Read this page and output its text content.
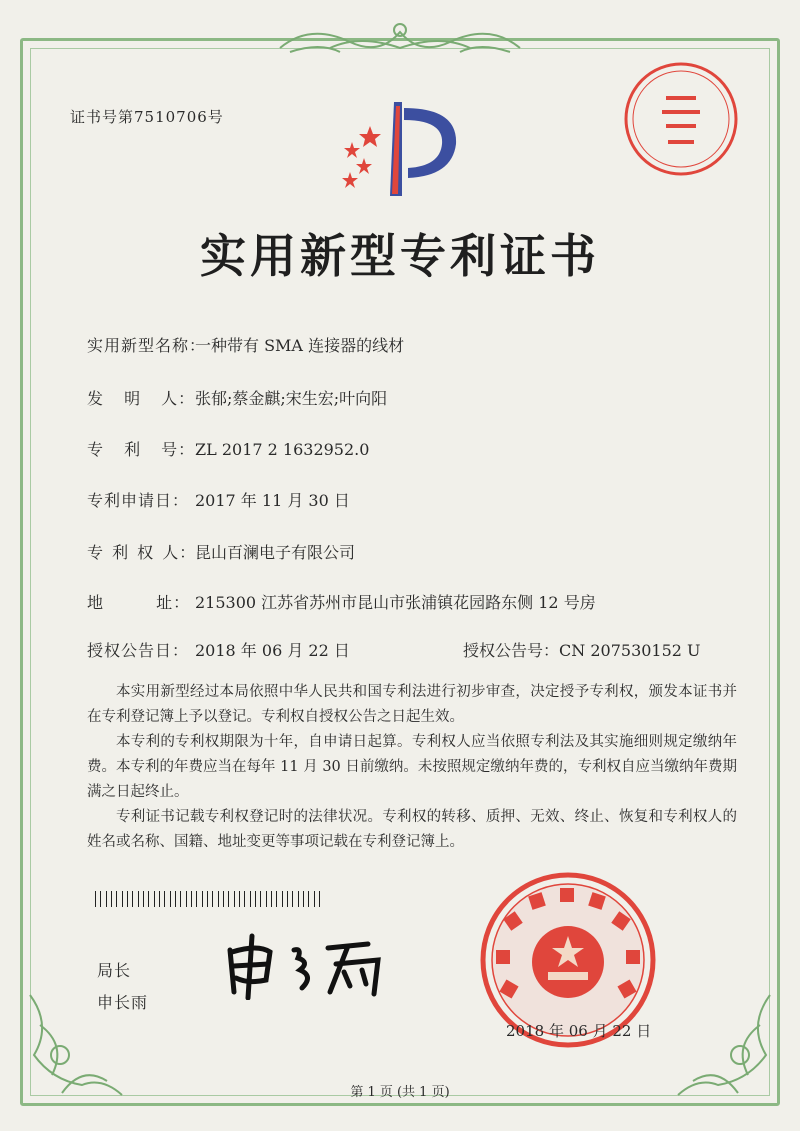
证书号第7510706号
实用新型专利证书
实用新型名称：一种带有 SMA 连接器的线材
发 明 人：张郁;蔡金麒;宋生宏;叶向阳
专 利 号：ZL 2017 2 1632952.0
专利申请日： 2017 年 11 月 30 日
专 利 权 人：昆山百澜电子有限公司
地 址： 215300 江苏省苏州市昆山市张浦镇花园路东侧 12 号房
授权公告日： 2018 年 06 月 22 日	授权公告号：CN 207530152 U

本实用新型经过本局依照中华人民共和国专利法进行初步审查，决定授予专利权，颁发本证书并在专利登记簿上予以登记。专利权自授权公告之日起生效。

本专利的专利权期限为十年，自申请日起算。专利权人应当依照专利法及其实施细则规定缴纳年费。本专利的年费应当在每年 11 月 30 日前缴纳。未按照规定缴纳年费的，专利权自应当缴纳年费期满之日起终止。

专利证书记载专利权登记时的法律状况。专利权的转移、质押、无效、终止、恢复和专利权人的姓名或名称、国籍、地址变更等事项记载在专利登记簿上。

局长
申长雨
2018 年 06 月 22 日
第 1 页 (共 1 页)
